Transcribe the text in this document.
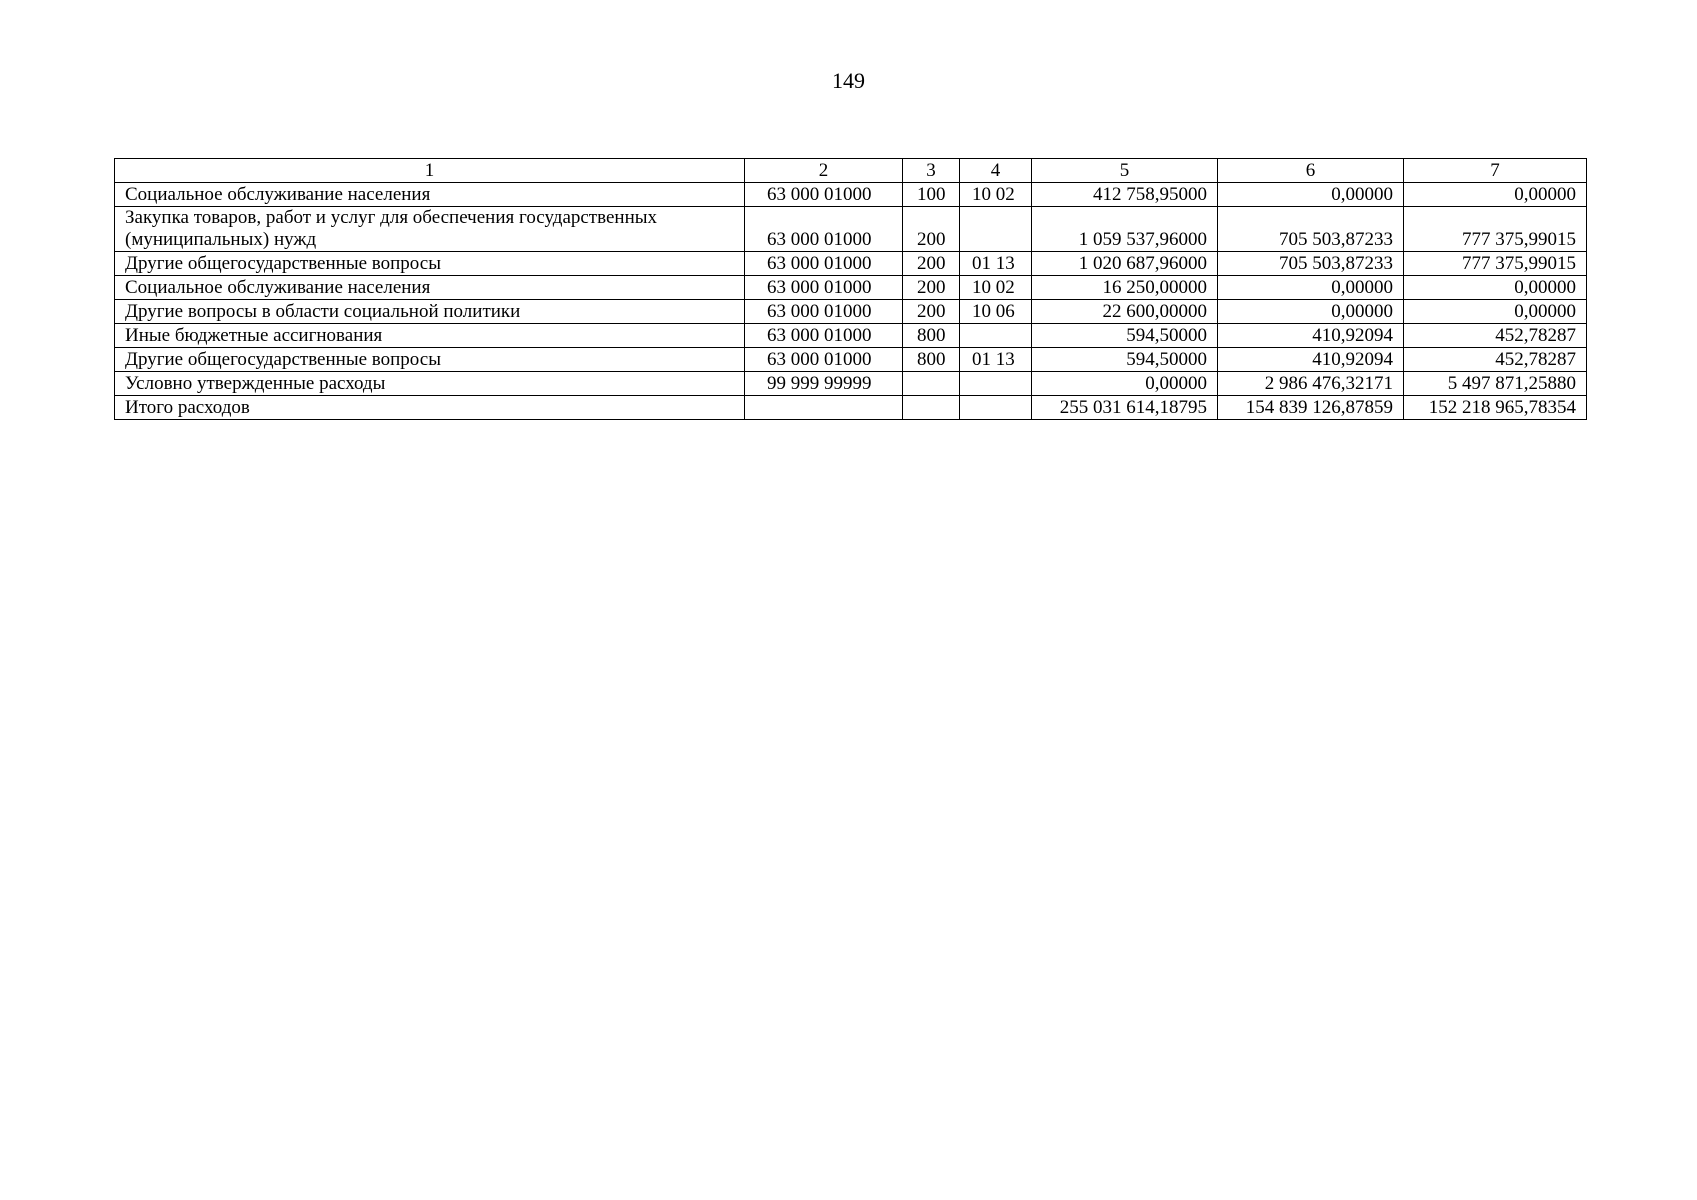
149
1	2	3	4	5	6	7
Социальное обслуживание населения	63 000 01000	100	10 02	412 758,95000	0,00000	0,00000
Закупка товаров, работ и услуг для обеспечения государственных (муниципальных) нужд	63 000 01000	200		1 059 537,96000	705 503,87233	777 375,99015
Другие общегосударственные вопросы	63 000 01000	200	01 13	1 020 687,96000	705 503,87233	777 375,99015
Социальное обслуживание населения	63 000 01000	200	10 02	16 250,00000	0,00000	0,00000
Другие вопросы в области социальной политики	63 000 01000	200	10 06	22 600,00000	0,00000	0,00000
Иные бюджетные ассигнования	63 000 01000	800		594,50000	410,92094	452,78287
Другие общегосударственные вопросы	63 000 01000	800	01 13	594,50000	410,92094	452,78287
Условно утвержденные расходы	99 999 99999			0,00000	2 986 476,32171	5 497 871,25880
Итого расходов				255 031 614,18795	154 839 126,87859	152 218 965,78354
